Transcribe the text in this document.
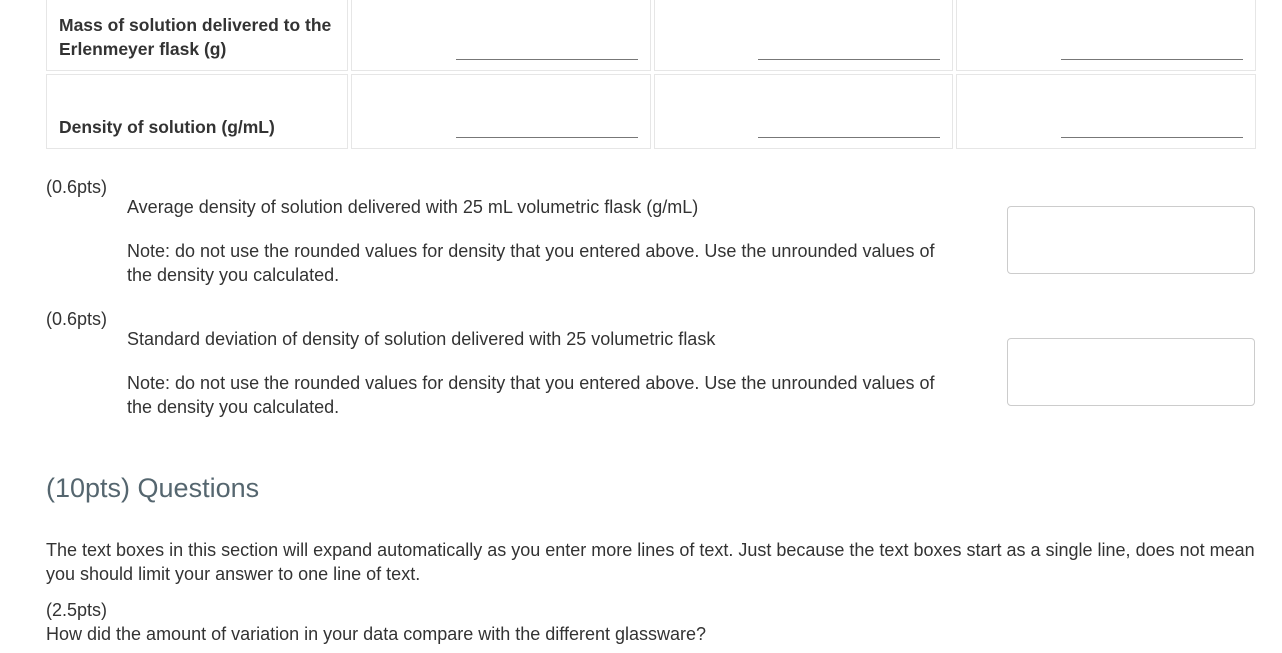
Mass of solution delivered to the Erlenmeyer flask (g)
Density of solution (g/mL)
(0.6pts)
Average density of solution delivered with 25 mL volumetric flask (g/mL)
Note: do not use the rounded values for density that you entered above. Use the unrounded values of the density you calculated.
(0.6pts)
Standard deviation of density of solution delivered with 25 volumetric flask
Note: do not use the rounded values for density that you entered above. Use the unrounded values of the density you calculated.
(10pts) Questions

The text boxes in this section will expand automatically as you enter more lines of text. Just because the text boxes start as a single line, does not mean you should limit your answer to one line of text.

(2.5pts)
How did the amount of variation in your data compare with the different glassware?
